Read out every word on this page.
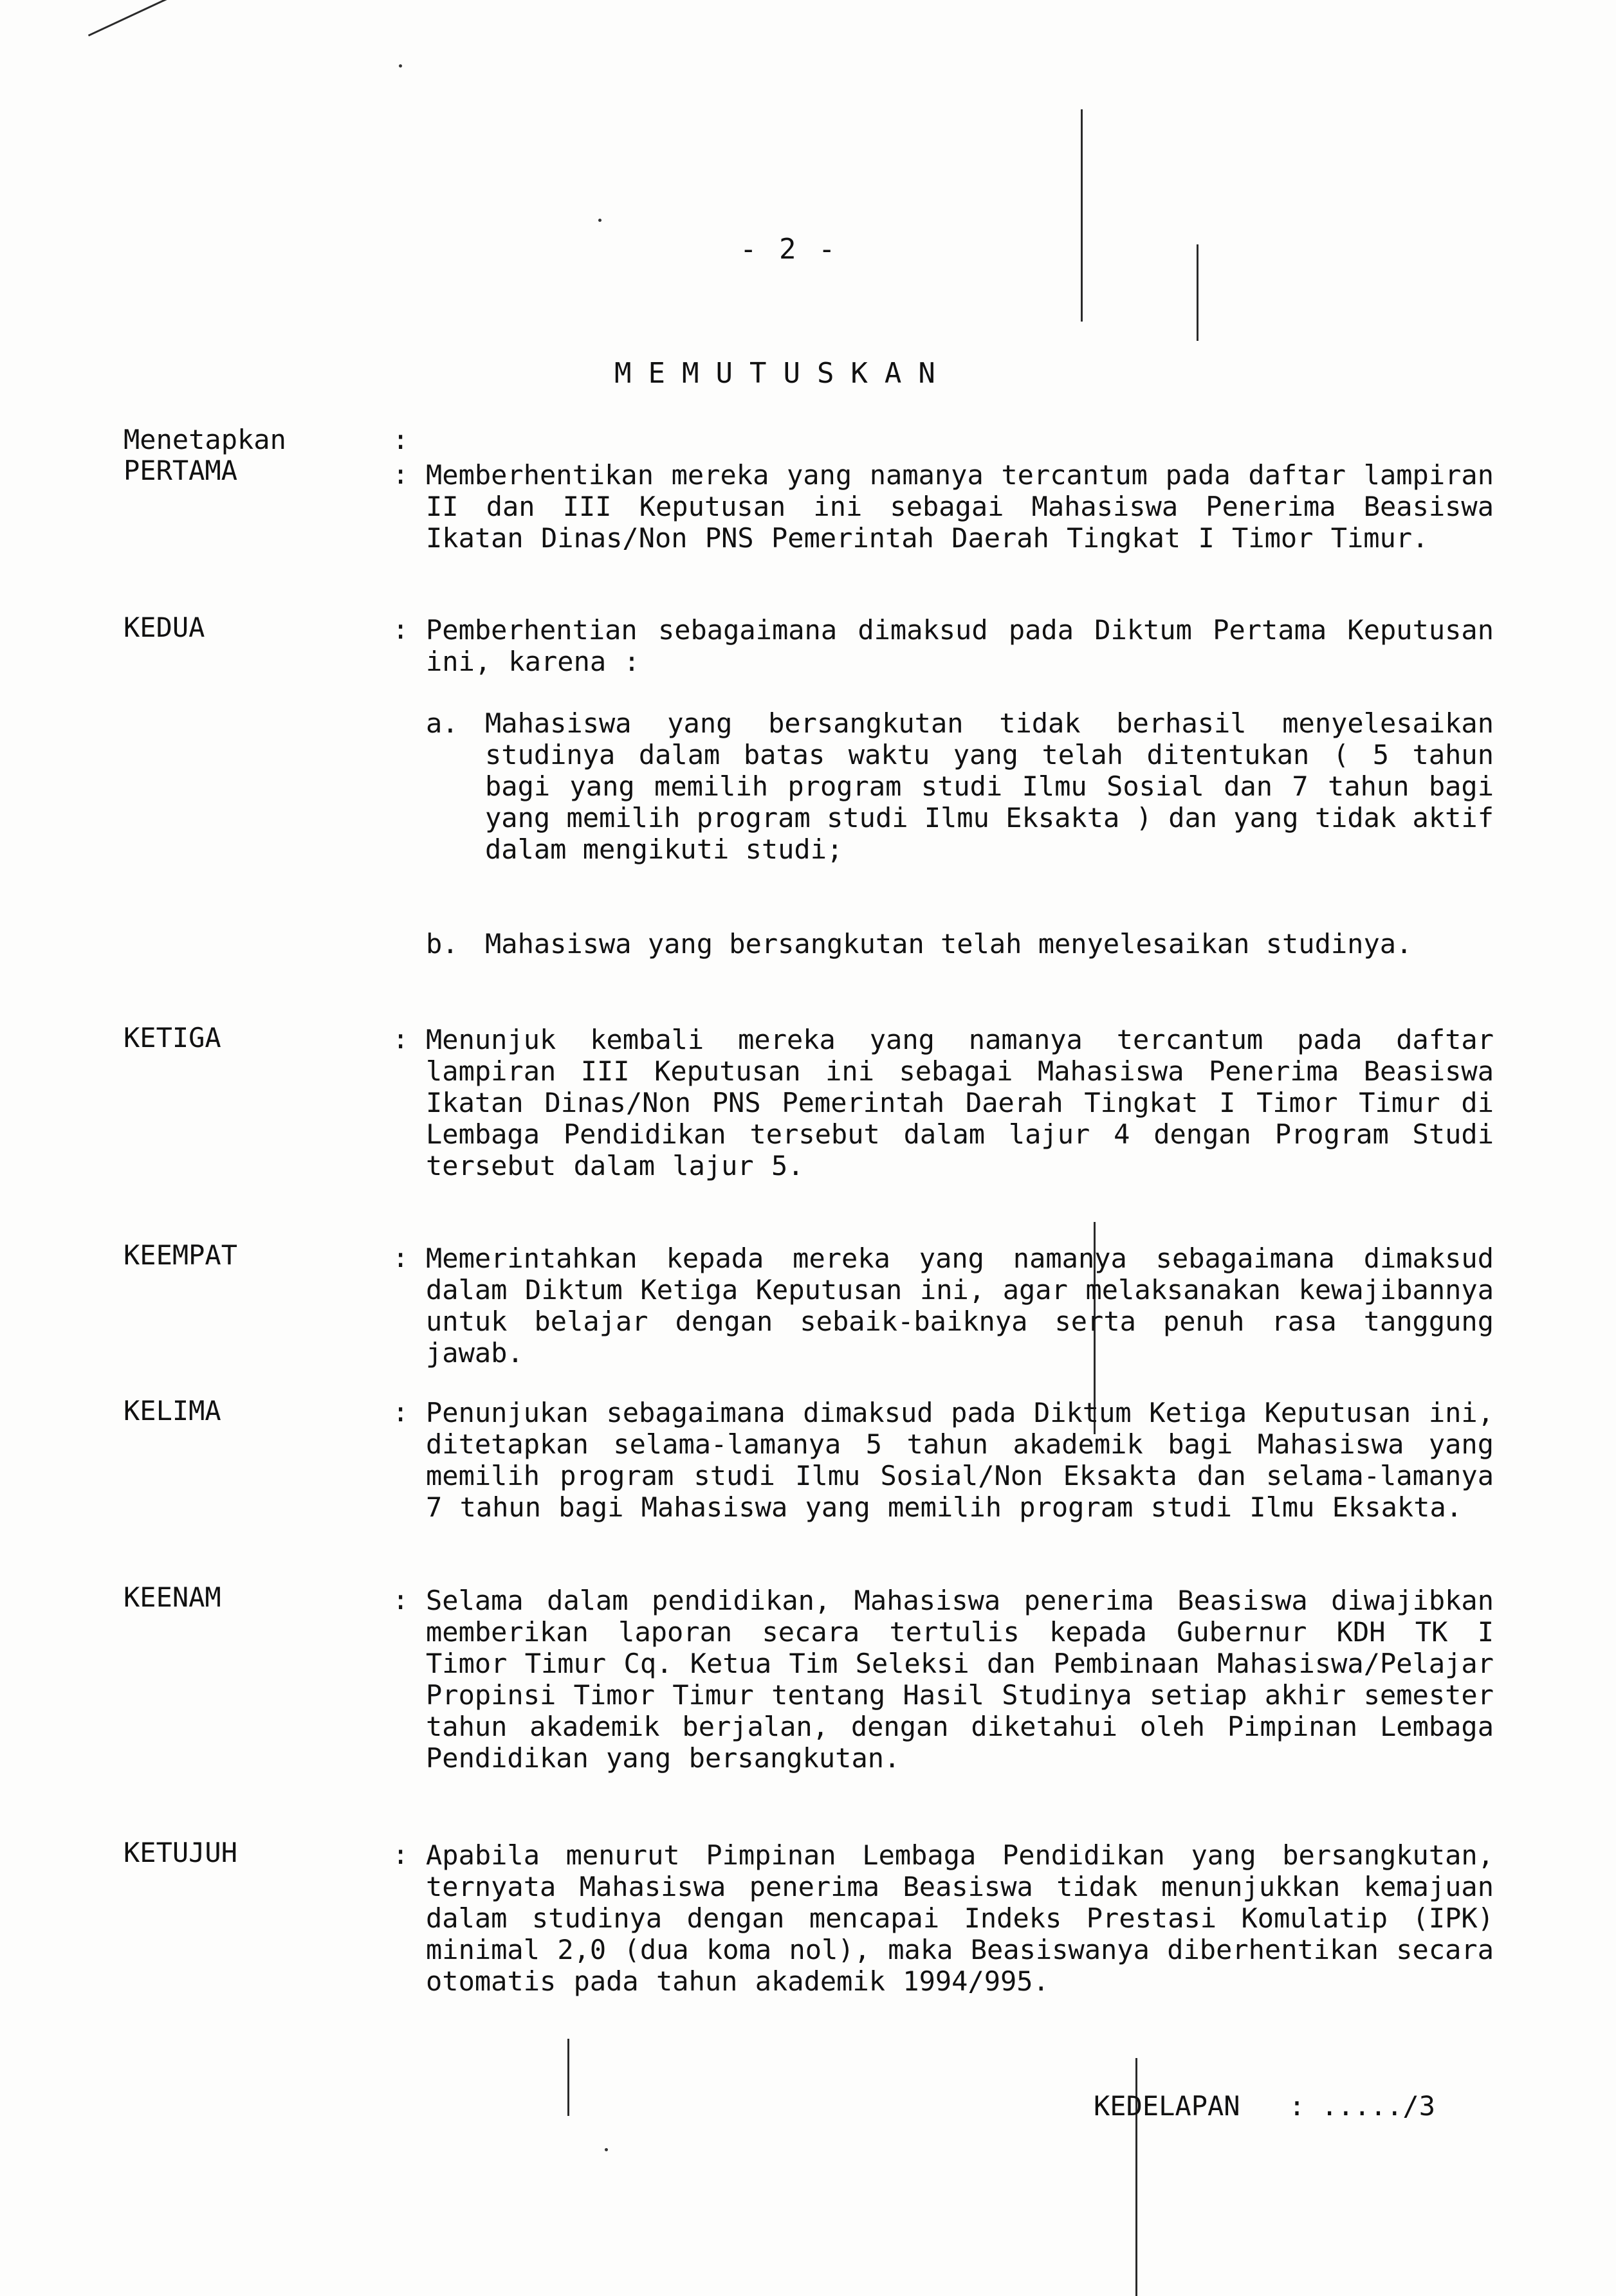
- 2 -
MEMUTUSKAN
Menetapkan	:
PERTAMA	: Memberhentikan mereka yang namanya tercantum pada daftar lampiran II dan III Keputusan ini sebagai Mahasiswa Penerima Beasiswa Ikatan Dinas/Non PNS Pemerintah Daerah Tingkat I Timor Timur.
KEDUA	: Pemberhentian sebagaimana dimaksud pada Diktum Pertama Keputusan ini, karena :
a. Mahasiswa yang bersangkutan tidak berhasil menyelesaikan studinya dalam batas waktu yang telah ditentukan ( 5 tahun bagi yang memilih program studi Ilmu Sosial dan 7 tahun bagi yang memilih program studi Ilmu Eksakta ) dan yang tidak aktif dalam mengikuti studi;
b. Mahasiswa yang bersangkutan telah menyelesaikan studinya.
KETIGA	: Menunjuk kembali mereka yang namanya tercantum pada daftar lampiran III Keputusan ini sebagai Mahasiswa Penerima Beasiswa Ikatan Dinas/Non PNS Pemerintah Daerah Tingkat I Timor Timur di Lembaga Pendidikan tersebut dalam lajur 4 dengan Program Studi tersebut dalam lajur 5.
KEEMPAT	: Memerintahkan kepada mereka yang namanya sebagaimana dimaksud dalam Diktum Ketiga Keputusan ini, agar melaksanakan kewajibannya untuk belajar dengan sebaik-baiknya serta penuh rasa tanggung jawab.
KELIMA	: Penunjukan sebagaimana dimaksud pada Diktum Ketiga Keputusan ini, ditetapkan selama-lamanya 5 tahun akademik bagi Mahasiswa yang memilih program studi Ilmu Sosial/Non Eksakta dan selama-lamanya 7 tahun bagi Mahasiswa yang memilih program studi Ilmu Eksakta.
KEENAM	: Selama dalam pendidikan, Mahasiswa penerima Beasiswa diwajibkan memberikan laporan secara tertulis kepada Gubernur KDH TK I Timor Timur Cq. Ketua Tim Seleksi dan Pembinaan Mahasiswa/Pelajar Propinsi Timor Timur tentang Hasil Studinya setiap akhir semester tahun akademik berjalan, dengan diketahui oleh Pimpinan Lembaga Pendidikan yang bersangkutan.
KETUJUH	: Apabila menurut Pimpinan Lembaga Pendidikan yang bersangkutan, ternyata Mahasiswa penerima Beasiswa tidak menunjukkan kemajuan dalam studinya dengan mencapai Indeks Prestasi Komulatip (IPK) minimal 2,0 (dua koma nol), maka Beasiswanya diberhentikan secara otomatis pada tahun akademik 1994/995.
KEDELAPAN   : ...../3
